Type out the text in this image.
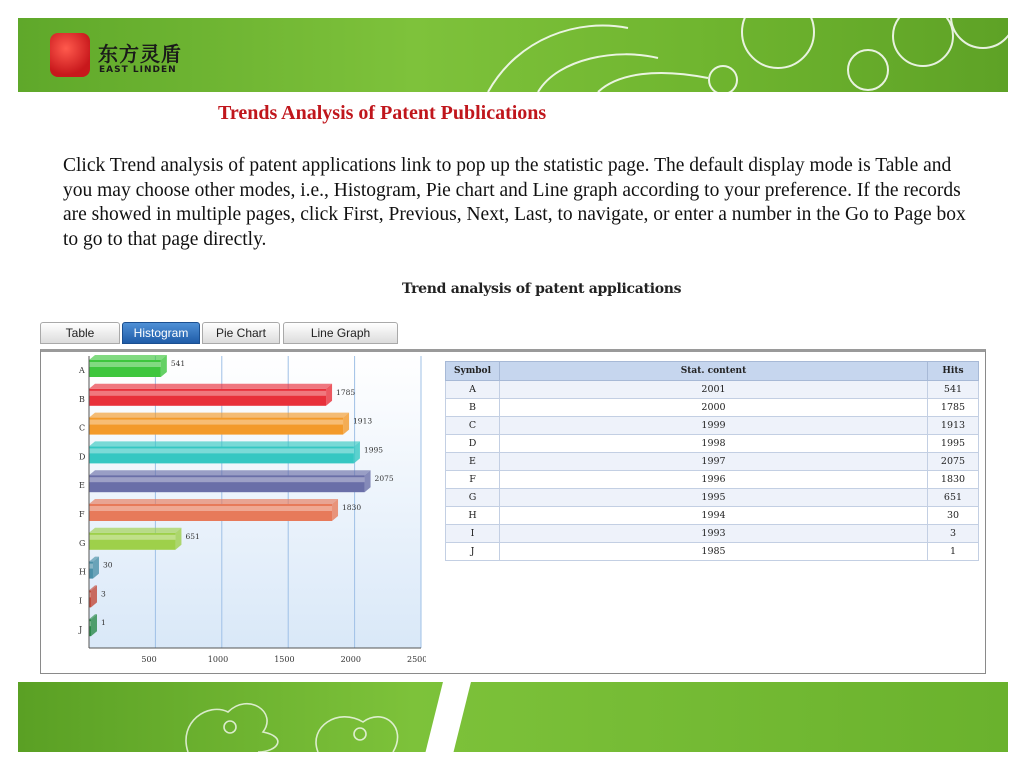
东方灵盾
EAST LINDEN
Trends Analysis of Patent Publications
Click Trend analysis of patent applications link to pop up the statistic page. The default display mode is Table and you may choose other modes, i.e., Histogram, Pie chart and Line graph according to your preference. If the records are showed in multiple pages, click First, Previous, Next, Last, to navigate, or enter a number in the Go to Page box to go to that page directly.
Trend analysis of patent applications
Table	Histogram	Pie Chart	Line Graph
A
541
B
1785
C
1913
D
1995
E
2075
F
1830
G
651
H
30
I
3
J
1
500	1000	1500	2000	2500
Symbol	Stat. content	Hits
A	2001	541
B	2000	1785
C	1999	1913
D	1998	1995
E	1997	2075
F	1996	1830
G	1995	651
H	1994	30
I	1993	3
J	1985	1
